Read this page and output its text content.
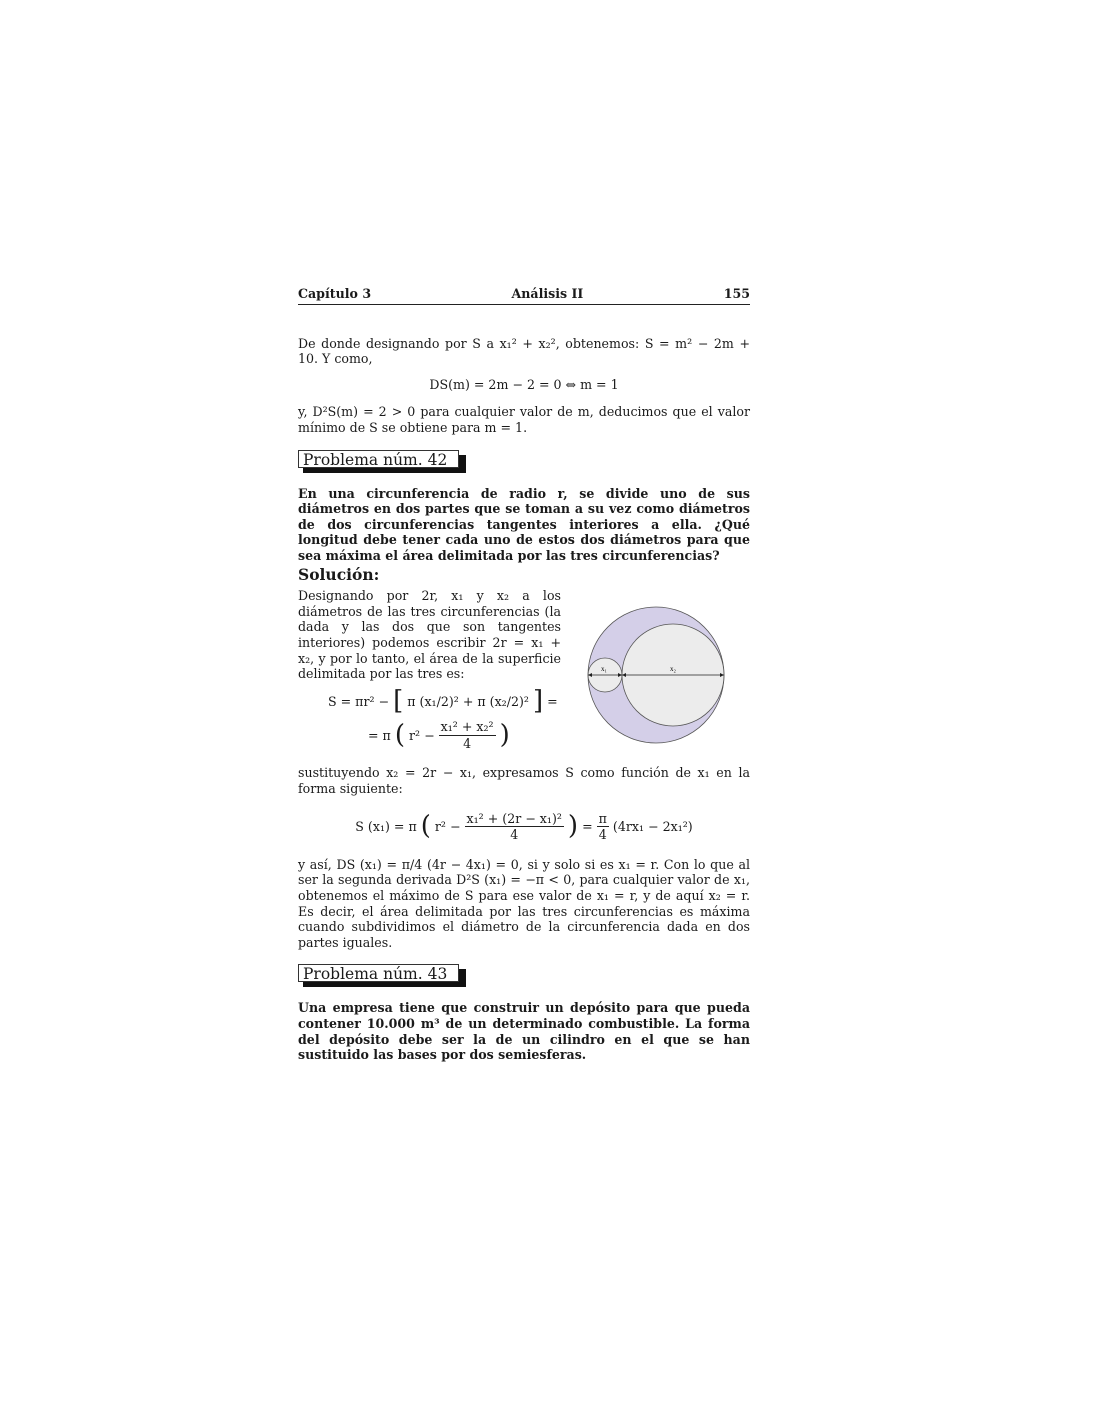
Capítulo 3	Análisis II	155

De donde designando por S a x₁² + x₂², obtenemos: S = m² − 2m + 10. Y como,

DS(m) = 2m − 2 = 0 ⇔ m = 1

y, D²S(m) = 2 > 0 para cualquier valor de m, deducimos que el valor mínimo de S se obtiene para m = 1.

Problema núm. 42

En una circunferencia de radio r, se divide uno de sus diámetros en dos partes que se toman a su vez como diámetros de dos circunferencias tangentes interiores a ella. ¿Qué longitud debe tener cada uno de estos dos diámetros para que sea máxima el área delimitada por las tres circunferencias?

Solución:

Designando por 2r, x₁ y x₂ a los diámetros de las tres circunferencias (la dada y las dos que son tangentes interiores) podemos escribir 2r = x₁ + x₂, y por lo tanto, el área de la superficie delimitada por las tres es:

S = πr² − [ π (x₁/2)² + π (x₂/2)² ] =
= π ( $r^2 - \frac{\text{x₁² + x₂²}}{4}$ )
x₁	x₂

sustituyendo x₂ = 2r − x₁, expresamos S como función de x₁ en la forma siguiente:

S (x₁) = π ( $r^2 - \frac{\text{x₁² + (2r − x₁)²}}{4}$ ) = $\frac{\pi}{4} (4rx_1 - 2x_1^2)$

y así, DS (x₁) = π/4 (4r − 4x₁) = 0, si y solo si es x₁ = r. Con lo que al ser la segunda derivada D²S (x₁) = −π < 0, para cualquier valor de x₁, obtenemos el máximo de S para ese valor de x₁ = r, y de aquí x₂ = r. Es decir, el área delimitada por las tres circunferencias es máxima cuando subdividimos el diámetro de la circunferencia dada en dos partes iguales.

Problema núm. 43

Una empresa tiene que construir un depósito para que pueda contener 10.000 m³ de un determinado combustible. La forma del depósito debe ser la de un cilindro en el que se han sustituido las bases por dos semiesferas.
